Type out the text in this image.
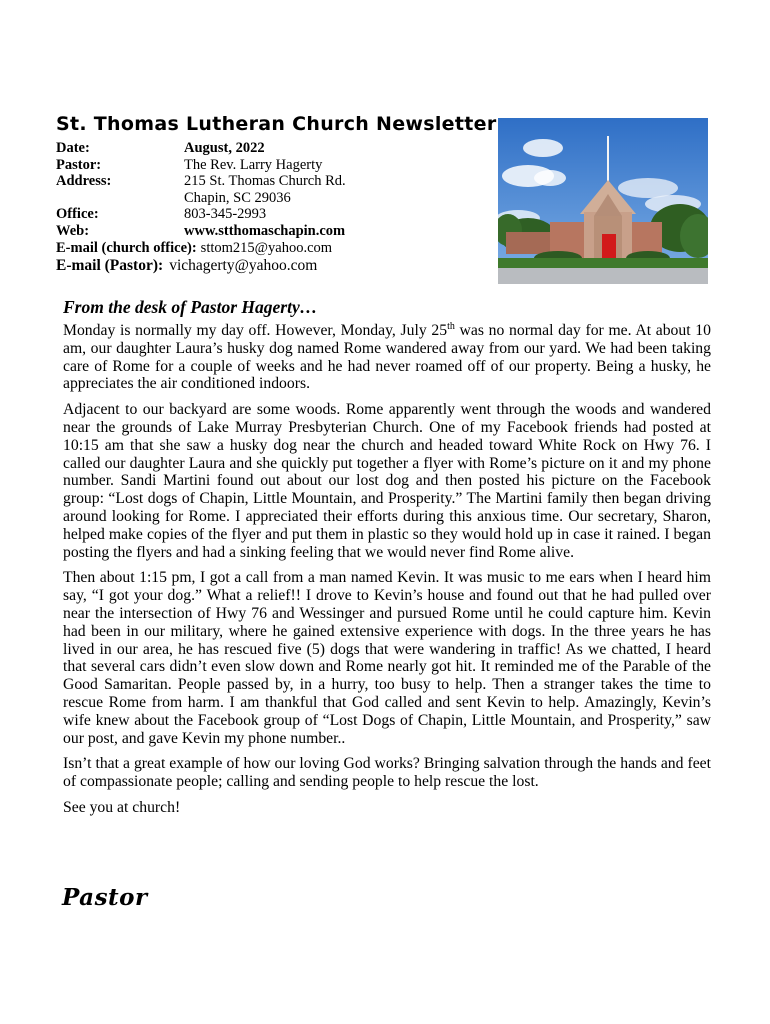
St. Thomas Lutheran Church Newsletter
Date:	August, 2022
Pastor:	The Rev. Larry Hagerty
Address:	215 St. Thomas Church Rd.
Chapin, SC 29036
Office:	803-345-2993
Web:	www.stthomaschapin.com
E-mail (church office): sttom215@yahoo.com
E-mail (Pastor): vichagerty@yahoo.com
From the desk of Pastor Hagerty…

Monday is normally my day off. However, Monday, July 25th was no normal day for me. At about 10 am, our daughter Laura’s husky dog named Rome wandered away from our yard. We had been taking care of Rome for a couple of weeks and he had never roamed off of our property. Being a husky, he appreciates the air conditioned indoors.

Adjacent to our backyard are some woods. Rome apparently went through the woods and wandered near the grounds of Lake Murray Presbyterian Church. One of my Facebook friends had posted at 10:15 am that she saw a husky dog near the church and headed toward White Rock on Hwy 76. I called our daughter Laura and she quickly put together a flyer with Rome’s picture on it and my phone number. Sandi Martini found out about our lost dog and then posted his picture on the Facebook group: “Lost dogs of Chapin, Little Mountain, and Prosperity.” The Martini family then began driving around looking for Rome. I appreciated their efforts during this anxious time. Our secretary, Sharon, helped make copies of the flyer and put them in plastic so they would hold up in case it rained. I began posting the flyers and had a sinking feeling that we would never find Rome alive.

Then about 1:15 pm, I got a call from a man named Kevin. It was music to me ears when I heard him say, “I got your dog.” What a relief!! I drove to Kevin’s house and found out that he had pulled over near the intersection of Hwy 76 and Wessinger and pursued Rome until he could capture him. Kevin had been in our military, where he gained extensive experience with dogs. In the three years he has lived in our area, he has rescued five (5) dogs that were wandering in traffic! As we chatted, I heard that several cars didn’t even slow down and Rome nearly got hit. It reminded me of the Parable of the Good Samaritan. People passed by, in a hurry, too busy to help. Then a stranger takes the time to rescue Rome from harm. I am thankful that God called and sent Kevin to help. Amazingly, Kevin’s wife knew about the Facebook group of “Lost Dogs of Chapin, Little Mountain, and Prosperity,” saw our post, and gave Kevin my phone number..

Isn’t that a great example of how our loving God works? Bringing salvation through the hands and feet of compassionate people; calling and sending people to help rescue the lost.

See you at church!

Pastor
